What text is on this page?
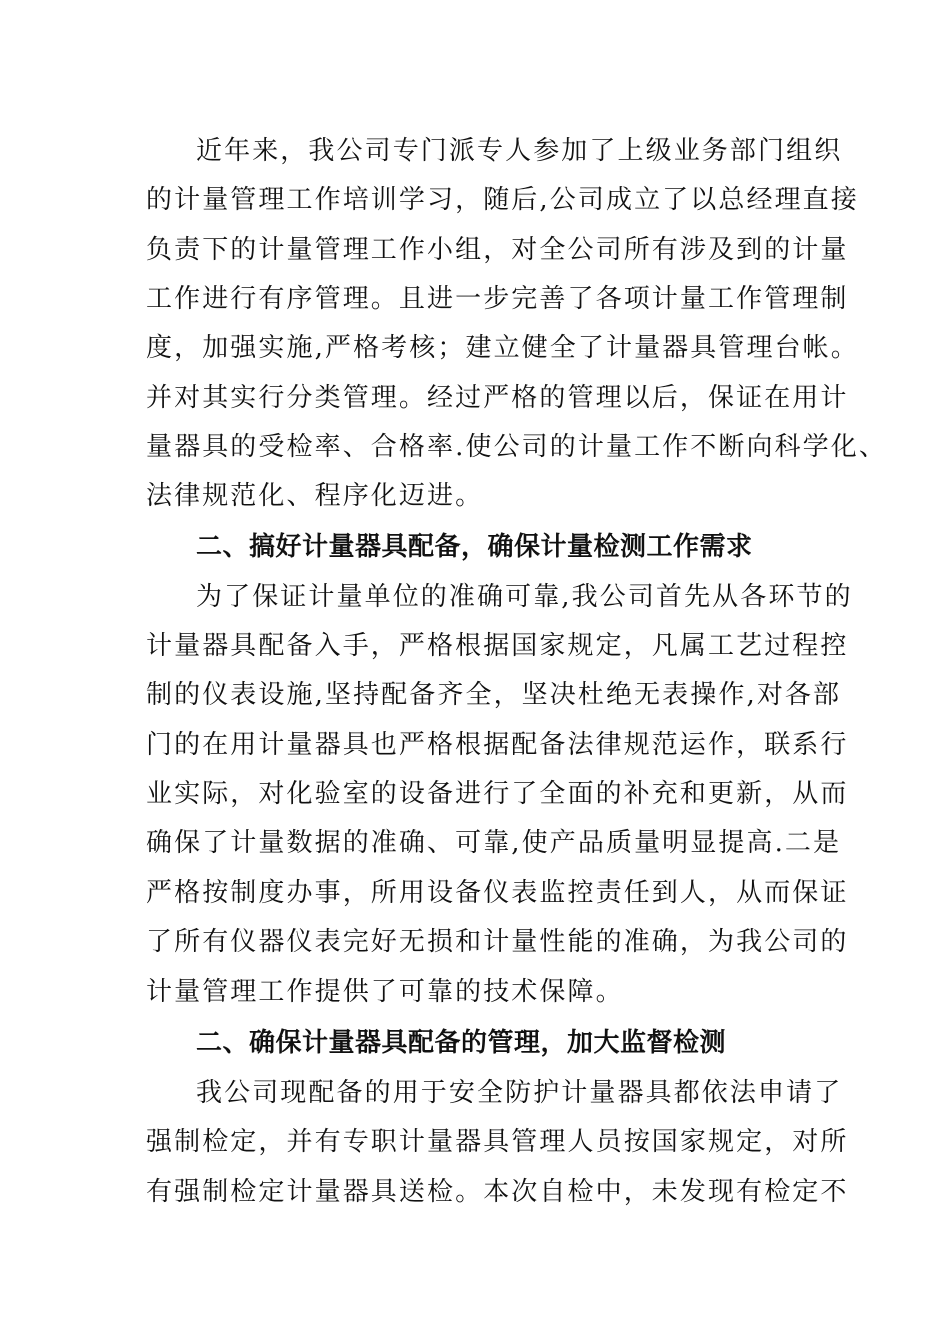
近年来，我公司专门派专人参加了上级业务部门组织
的计量管理工作培训学习，随后,公司成立了以总经理直接
负责下的计量管理工作小组，对全公司所有涉及到的计量
工作进行有序管理。且进一步完善了各项计量工作管理制
度，加强实施,严格考核；建立健全了计量器具管理台帐。
并对其实行分类管理。经过严格的管理以后，保证在用计
量器具的受检率、合格率.使公司的计量工作不断向科学化、
法律规范化、程序化迈进。
二、搞好计量器具配备，确保计量检测工作需求
为了保证计量单位的准确可靠,我公司首先从各环节的
计量器具配备入手，严格根据国家规定，凡属工艺过程控
制的仪表设施,坚持配备齐全，坚决杜绝无表操作,对各部
门的在用计量器具也严格根据配备法律规范运作，联系行
业实际，对化验室的设备进行了全面的补充和更新，从而
确保了计量数据的准确、可靠,使产品质量明显提高.二是
严格按制度办事，所用设备仪表监控责任到人，从而保证
了所有仪器仪表完好无损和计量性能的准确，为我公司的
计量管理工作提供了可靠的技术保障。
二、确保计量器具配备的管理，加大监督检测
我公司现配备的用于安全防护计量器具都依法申请了
强制检定，并有专职计量器具管理人员按国家规定，对所
有强制检定计量器具送检。本次自检中，未发现有检定不
